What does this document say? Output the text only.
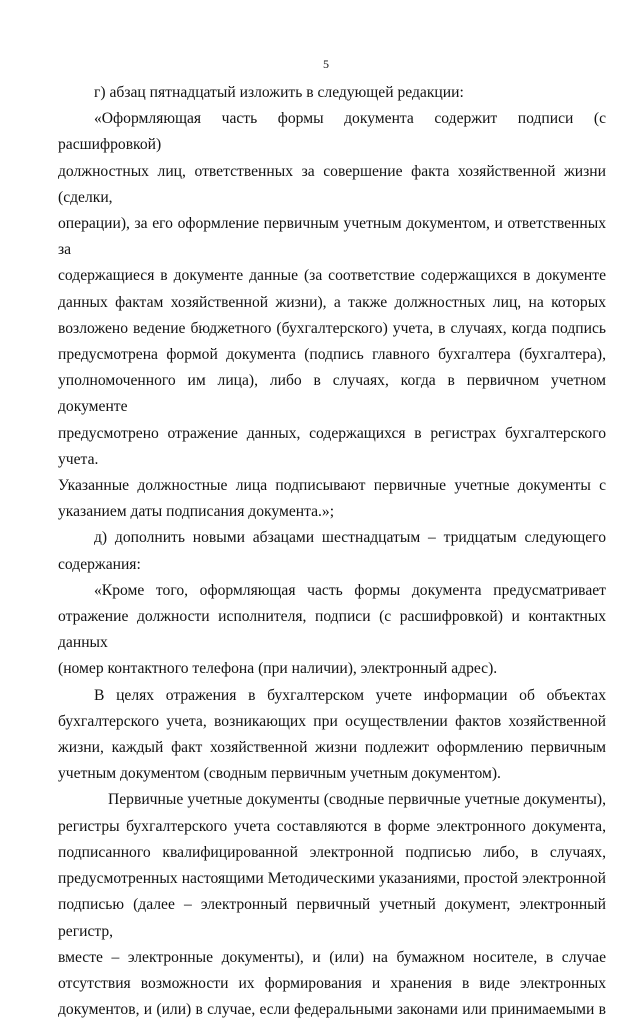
5
г) абзац пятнадцатый изложить в следующей редакции:
«Оформляющая часть формы документа содержит подписи (с расшифровкой)
должностных лиц, ответственных за совершение факта хозяйственной жизни (сделки,
операции), за его оформление первичным учетным документом, и ответственных за
содержащиеся в документе данные (за соответствие содержащихся в документе
данных фактам хозяйственной жизни), а также должностных лиц, на которых
возложено ведение бюджетного (бухгалтерского) учета, в случаях, когда подпись
предусмотрена формой документа (подпись главного бухгалтера (бухгалтера),
уполномоченного им лица), либо в случаях, когда в первичном учетном документе
предусмотрено отражение данных, содержащихся в регистрах бухгалтерского учета.
Указанные должностные лица подписывают первичные учетные документы с
указанием даты подписания документа.»;
д) дополнить новыми абзацами шестнадцатым – тридцатым следующего
содержания:
«Кроме того, оформляющая часть формы документа предусматривает
отражение должности исполнителя, подписи (с расшифровкой) и контактных данных
(номер контактного телефона (при наличии), электронный адрес).
В целях отражения в бухгалтерском учете информации об объектах
бухгалтерского учета, возникающих при осуществлении фактов хозяйственной
жизни, каждый факт хозяйственной жизни подлежит оформлению первичным
учетным документом (сводным первичным учетным документом).
Первичные учетные документы (сводные первичные учетные документы),
регистры бухгалтерского учета составляются в форме электронного документа,
подписанного квалифицированной электронной подписью либо, в случаях,
предусмотренных настоящими Методическими указаниями, простой электронной
подписью (далее – электронный первичный учетный документ, электронный регистр,
вместе – электронные документы), и (или) на бумажном носителе, в случае
отсутствия возможности их формирования и хранения в виде электронных
документов, и (или) в случае, если федеральными законами или принимаемыми в
